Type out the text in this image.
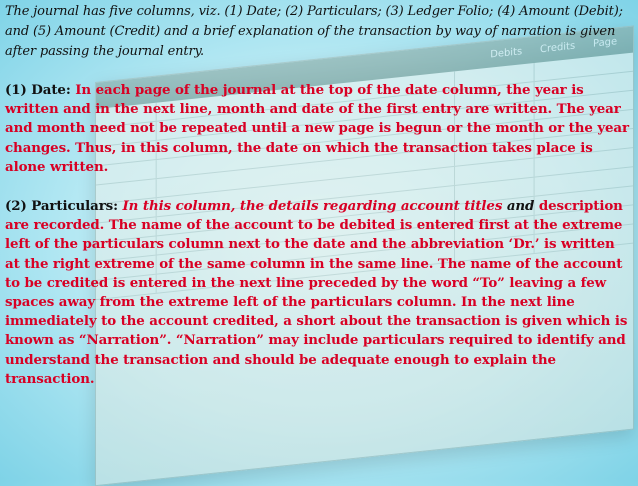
Debits Credits Page

The journal has five columns, viz. (1) Date; (2) Particulars; (3) Ledger Folio; (4) Amount (Debit); and (5) Amount (Credit) and a brief explanation of the transaction by way of narration is given after passing the journal entry.

(1) Date: In each page of the journal at the top of the date column, the year is written and in the next line, month and date of the first entry are written. The year and month need not be repeated until a new page is begun or the month or the year changes. Thus, in this column, the date on which the transaction takes place is alone written.

(2) Particulars: In this column, the details regarding account titles and description are recorded. The name of the account to be debited is entered first at the extreme left of the particulars column next to the date and the abbreviation ‘Dr.’ is written at the right extreme of the same column in the same line. The name of the account to be credited is entered in the next line preceded by the word “To” leaving a few spaces away from the extreme left of the particulars column. In the next line immediately to the account credited, a short about the transaction is given which is known as “Narration”. “Narration” may include particulars required to identify and understand the transaction and should be adequate enough to explain the transaction.
